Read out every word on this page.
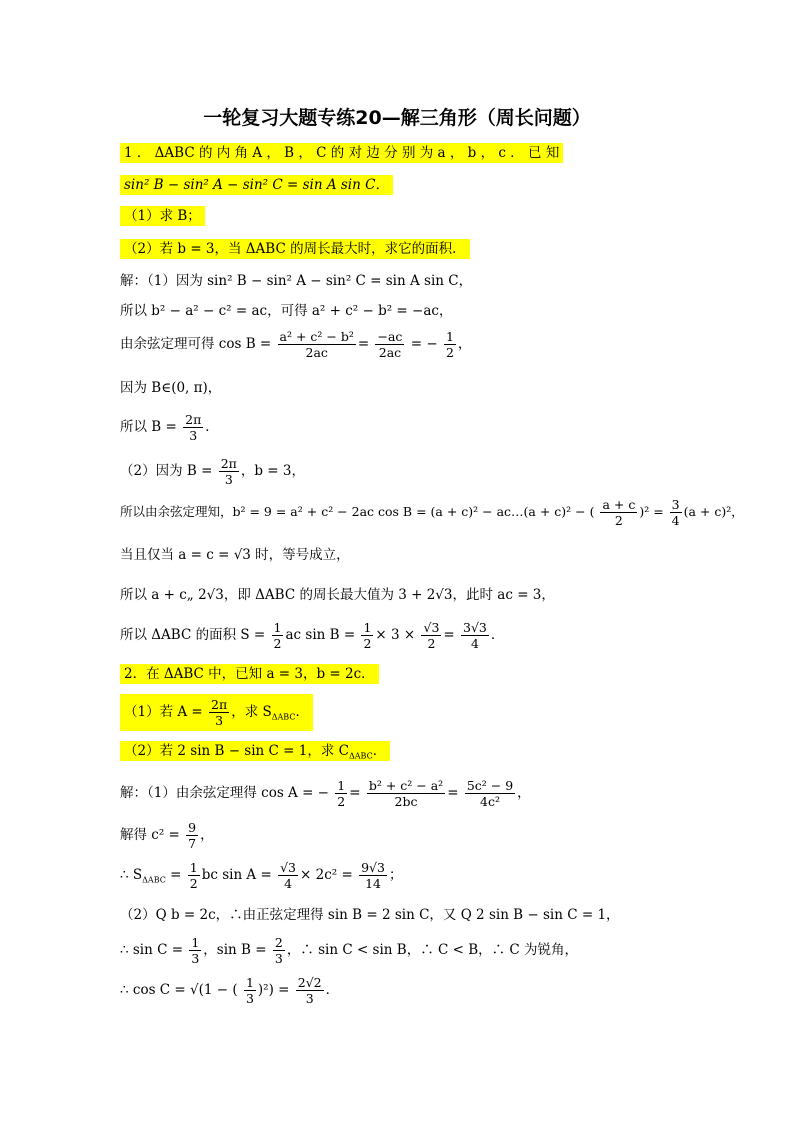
一轮复习大题专练20—解三角形（周长问题）
1 ． ΔABC 的 内 角 A ， B ， C 的 对 边 分 别 为 a ， b ， c ． 已 知
sin² B − sin² A − sin² C = sin A sin C．
（1）求 B；
（2）若 b = 3，当 ΔABC 的周长最大时，求它的面积．
解：（1）因为 sin² B − sin² A − sin² C = sin A sin C，
所以 b² − a² − c² = ac，可得 a² + c² − b² = −ac，
由余弦定理可得 $\cos B = \frac{\text{a² + c² − b²}}{2ac} = \frac{-ac}{2ac}$ = − $\frac{1}{2}$ ，
因为 B∈(0, π)，
所以 $B = \frac{2\pi}{3}$ ．
（2）因为 $B = \frac{2\pi}{3}$ ，b = 3，
所以由余弦定理知，b² = 9 = a² + c² − 2ac cos B = (a + c)² − ac…(a + c)² − ( $\frac{a + c}{2} )^2 = \frac{3}{4} (a + c)^2$，
当且仅当 a = c = √3 时，等号成立，
所以 a + c„ 2√3，即 ΔABC 的周长最大值为 3 + 2√3，此时 ac = 3，
所以 ΔABC 的面积 $S = \frac{1}{2}$ ac $\sin B = \frac{1}{2} \times 3 \times \frac{√3}{2} = \frac{3√3}{4}$ ．
2．在 ΔABC 中，已知 a = 3，b = 2c．
（1）若 $A = \frac{2\pi}{3}$ ，求 $S_{\Delta ABC}$．
（2）若 2 sin B − sin C = 1，求 $C_{\Delta ABC}$．
解：（1）由余弦定理得 cos A = − $\frac{1}{2} = \frac{\text{b² + c² − a²}}{2bc} = \frac{\text{5c² − 9}}{\text{4c²}}$ ，
解得 $c^2 = \frac{9}{7}$ ，
∴ $S_{\Delta ABC} = \frac{1}{2}$ bc $\sin A = \frac{√3}{4} \times 2c^2 = \frac{9√3}{14}$ ；
（2）Q b = 2c，∴由正弦定理得 sin B = 2 sin C，又 Q 2 sin B − sin C = 1，
∴ $\sin C = \frac{1}{3}$ ，$\sin B = \frac{2}{3}$ ，∴ sin C < sin B，∴ C < B，∴ C 为锐角，
∴ cos C = √(1 − ( $\frac{1}{3} )^2) = \frac{2√2}{3}$ ．
